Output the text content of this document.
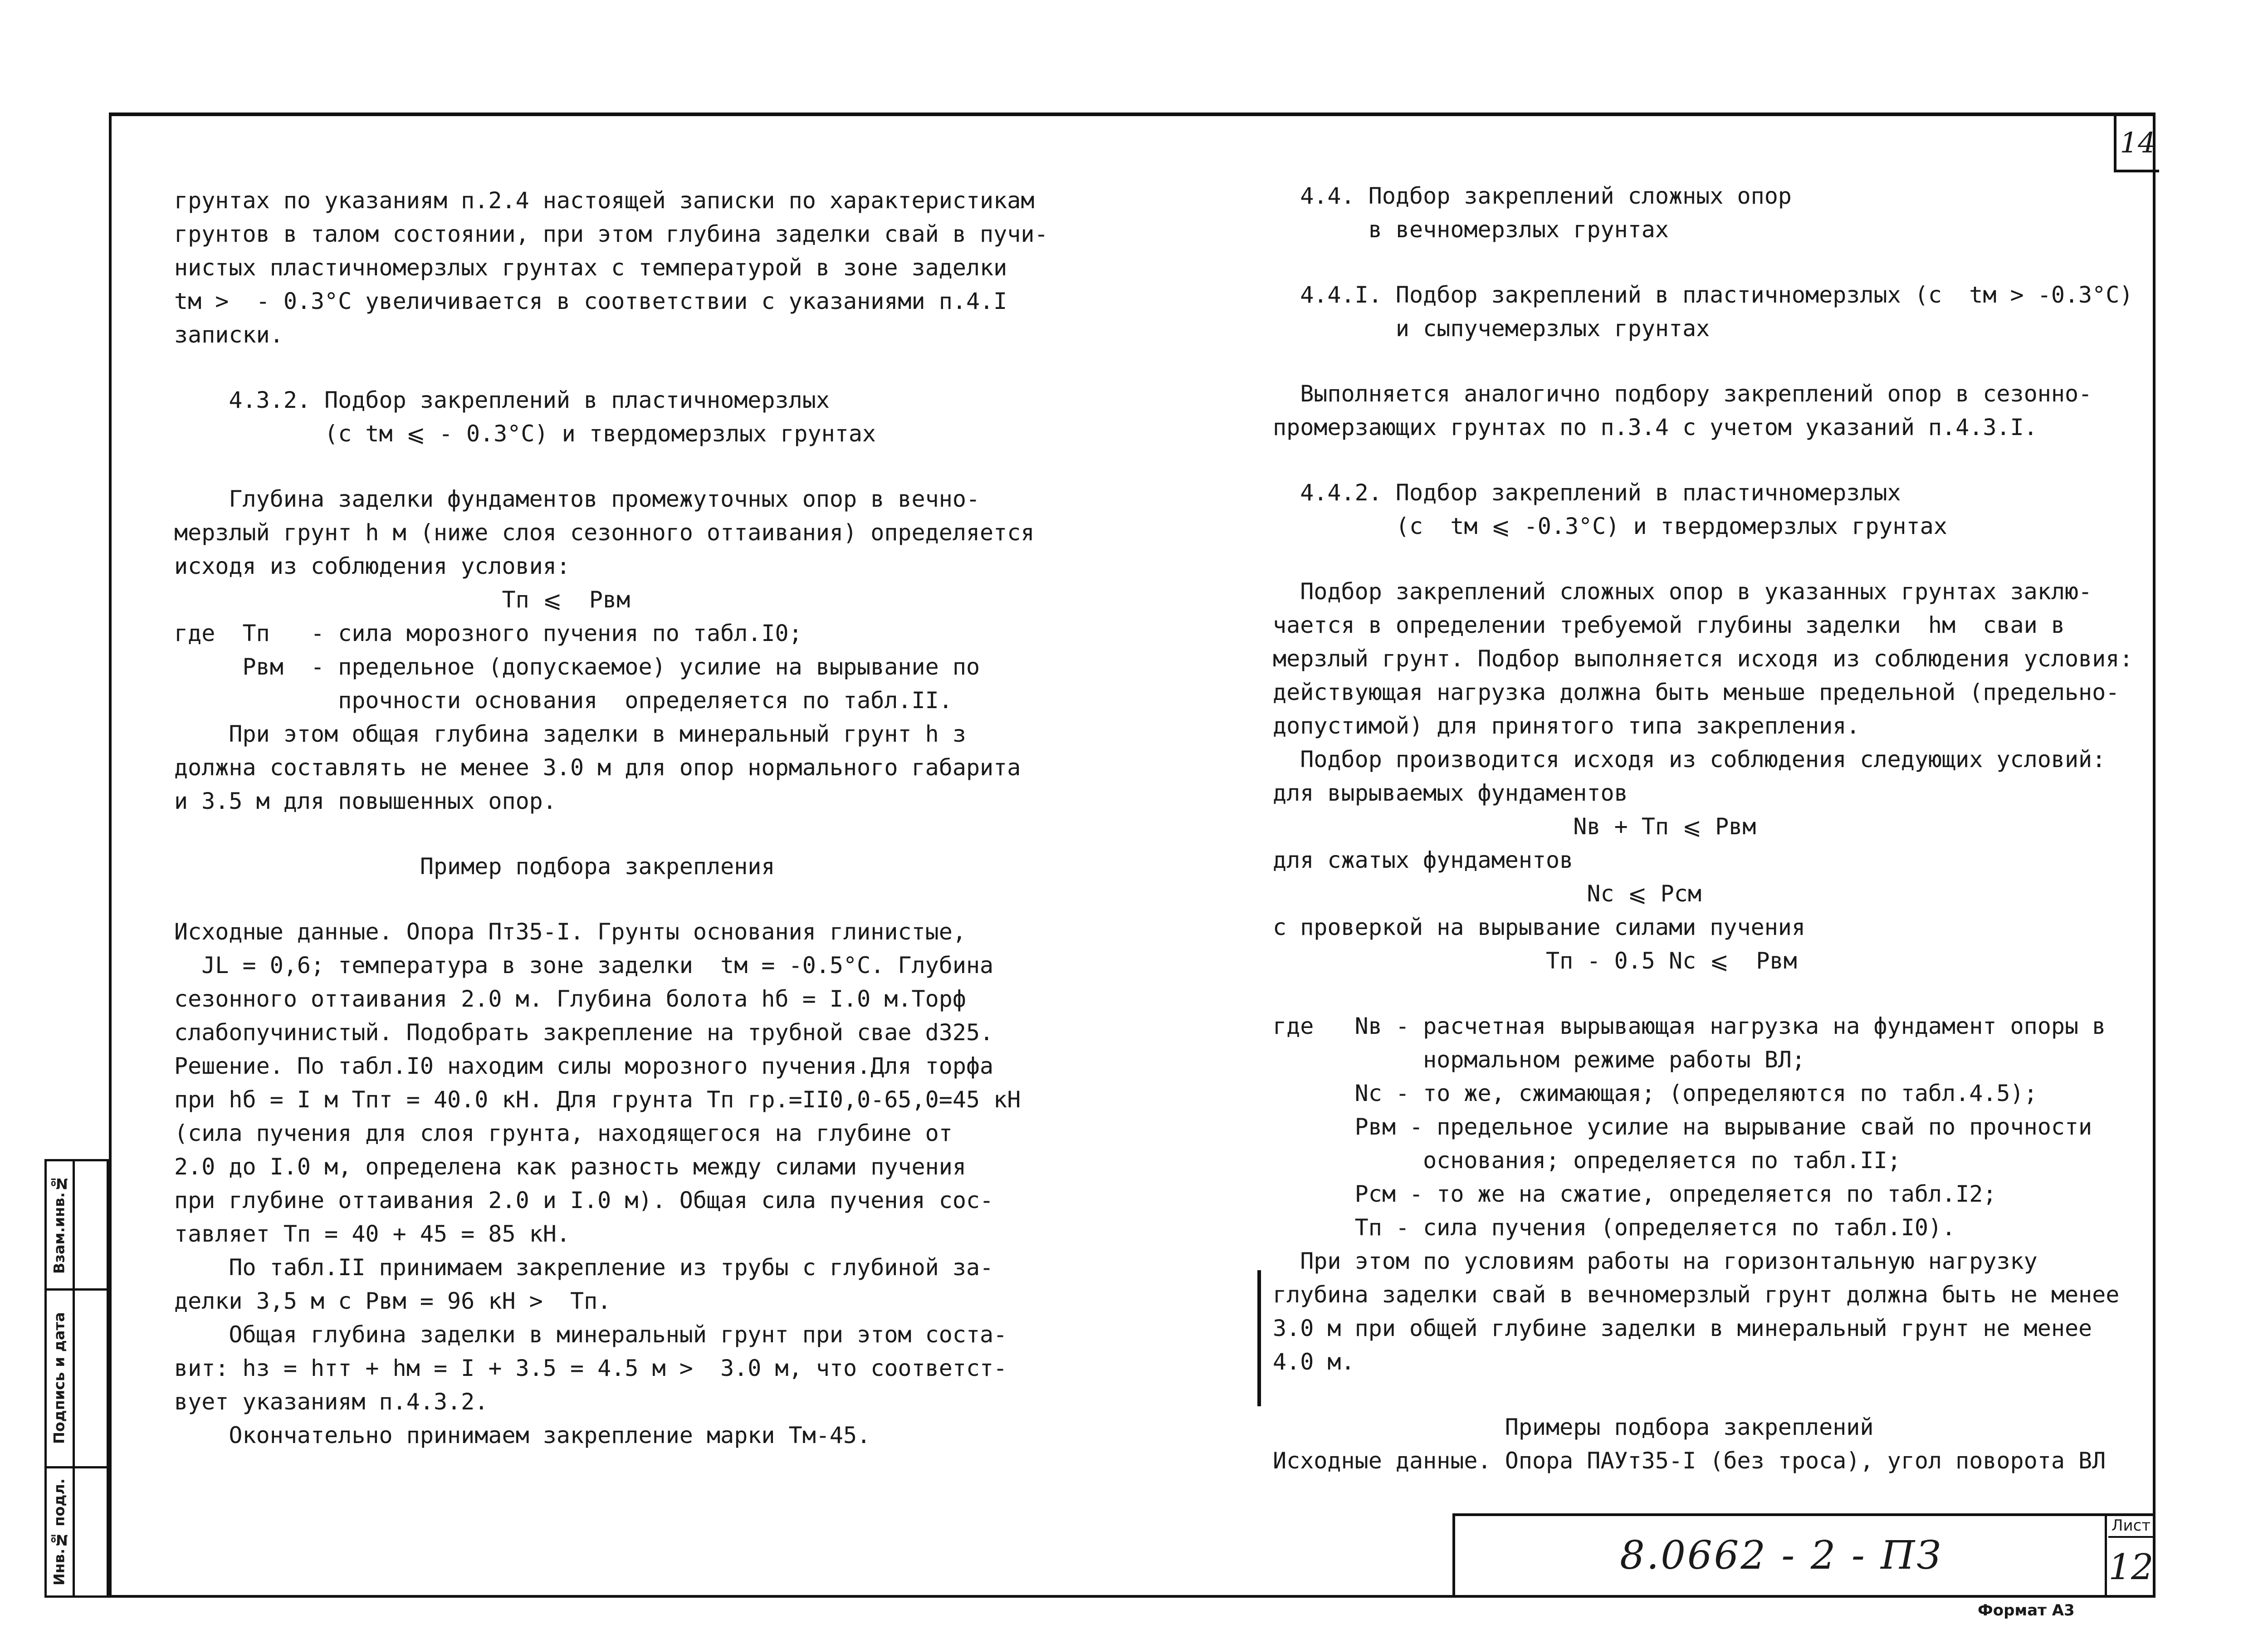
14
грунтах по указаниям п.2.4 настоящей записки по характеристикам
грунтов в талом состоянии, при этом глубина заделки свай в пучи-
нистых пластичномерзлых грунтах с температурой в зоне заделки
tм >  - 0.3°С увеличивается в соответствии с указаниями п.4.I
записки.
4.3.2. Подбор закреплений в пластичномерзлых
(с tм ⩽ - 0.3°С) и твердомерзлых грунтах
Глубина заделки фундаментов промежуточных опор в вечно-
мерзлый грунт h м (ниже слоя сезонного оттаивания) определяется
исходя из соблюдения условия:
Тп ⩽  Рвм
где  Тп   - сила морозного пучения по табл.I0;
Рвм  - предельное (допускаемое) усилие на вырывание по
прочности основания  определяется по табл.II.
При этом общая глубина заделки в минеральный грунт h з
должна составлять не менее 3.0 м для опор нормального габарита
и 3.5 м для повышенных опор.
Пример подбора закрепления
Исходные данные. Опора Пт35-I. Грунты основания глинистые,
JL = 0,6; температура в зоне заделки  tм = -0.5°С. Глубина
сезонного оттаивания 2.0 м. Глубина болота hб = I.0 м.Торф
слабопучинистый. Подобрать закрепление на трубной сваe d325.
Решение. По табл.I0 находим силы морозного пучения.Для торфа
при hб = I м Тпт = 40.0 кН. Для грунта Тп гр.=II0,0-65,0=45 кН
(сила пучения для слоя грунта, находящегося на глубине от
2.0 до I.0 м, определена как разность между силами пучения
при глубине оттаивания 2.0 и I.0 м). Общая сила пучения сос-
тавляет Тп = 40 + 45 = 85 кН.
По табл.II принимаем закрепление из трубы с глубиной за-
делки 3,5 м с Рвм = 96 кН >  Тп.
Общая глубина заделки в минеральный грунт при этом соста-
вит: hз = hтт + hм = I + 3.5 = 4.5 м >  3.0 м, что соответст-
вует указаниям п.4.3.2.
Окончательно принимаем закрепление марки Тм-45.
4.4. Подбор закреплений сложных опор
в вечномерзлых грунтах
4.4.I. Подбор закреплений в пластичномерзлых (с  tм > -0.3°С)
и сыпучемерзлых грунтах
Выполняется аналогично подбору закреплений опор в сезонно-
промерзающих грунтах по п.3.4 с учетом указаний п.4.3.I.
4.4.2. Подбор закреплений в пластичномерзлых
(с  tм ⩽ -0.3°С) и твердомерзлых грунтах
Подбор закреплений сложных опор в указанных грунтах заклю-
чается в определении требуемой глубины заделки  hм  сваи в
мерзлый грунт. Подбор выполняется исходя из соблюдения условия:
действующая нагрузка должна быть меньше предельной (предельно-
допустимой) для принятого типа закрепления.
Подбор производится исходя из соблюдения следующих условий:
для вырываемых фундаментов
Nв + Тп ⩽ Рвм
для сжатых фундаментов
Nс ⩽ Рсм
с проверкой на вырывание силами пучения
Тп - 0.5 Nс ⩽  Рвм
где   Nв - расчетная вырывающая нагрузка на фундамент опоры в
нормальном режиме работы ВЛ;
Nс - то же, сжимающая; (определяются по табл.4.5);
Рвм - предельное усилие на вырывание свай по прочности
основания; определяется по табл.II;
Рсм - то же на сжатие, определяется по табл.I2;
Тп - сила пучения (определяется по табл.I0).
При этом по условиям работы на горизонтальную нагрузку
глубина заделки свай в вечномерзлый грунт должна быть не менее
3.0 м при общей глубине заделки в минеральный грунт не менее
4.0 м.
Примеры подбора закреплений
Исходные данные. Опора ПАУт35-I (без троса), угол поворота ВЛ
8.0662 - 2 - ПЗ
Лист
12
Формат А3
Инв.№ подл.
Подпись и дата
Взам.инв.№
